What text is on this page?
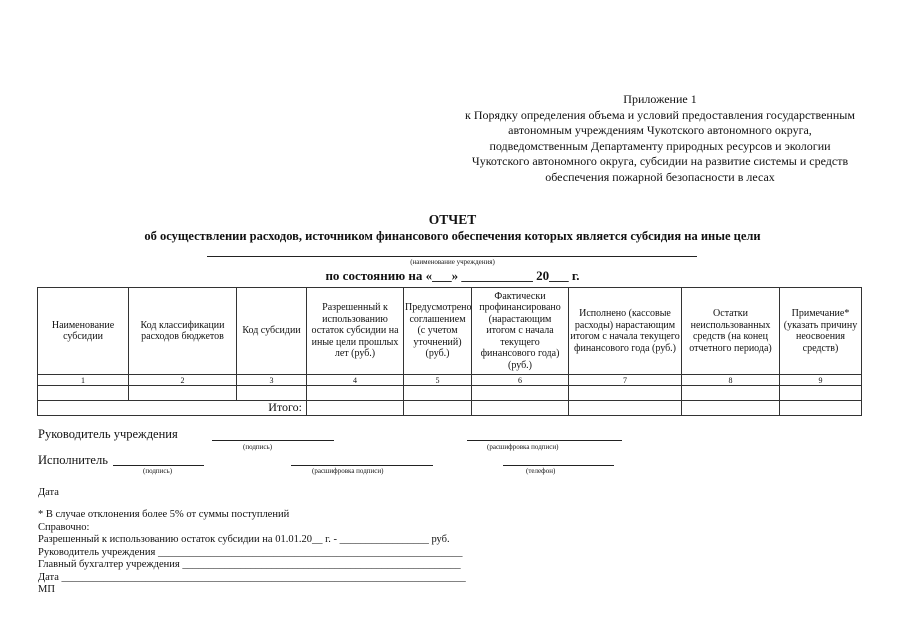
Приложение 1
к Порядку определения объема и условий предоставления государственным
автономным учреждениям Чукотского автономного округа,
подведомственным Департаменту природных ресурсов и экологии
Чукотского автономного округа, субсидии на развитие системы и средств
обеспечения пожарной безопасности в лесах
ОТЧЕТ
об осуществлении расходов, источником финансового обеспечения которых является субсидия на иные цели
(наименование учреждения)
по состоянию на «___» ___________ 20___ г.
Наименование субсидии	Код классификации расходов бюджетов	Код субсидии	Разрешенный к использованию остаток субсидии на иные цели прошлых лет (руб.)	Предусмотрено соглашением (с учетом уточнений) (руб.)	Фактически профинансировано (нарастающим итогом с начала текущего финансового года) (руб.)	Исполнено (кассовые расходы) нарастающим итогом с начала текущего финансового года (руб.)	Остатки неиспользованных средств (на конец отчетного периода)	Примечание* (указать причину неосвоения средств)
1	2	3	4	5	6	7	8	9

Итого:								
Руководитель учреждения
(подпись)	(расшифровка подписи)
Исполнитель
(подпись)	(расшифровка подписи)	(телефон)
Дата
* В случае отклонения более 5% от суммы поступлений
Справочно:
Разрешенный к использованию остаток субсидии на 01.01.20__ г. - _________________ руб.
Руководитель учреждения __________________________________________________________
Главный бухгалтер учреждения _____________________________________________________
Дата _____________________________________________________________________________
МП
